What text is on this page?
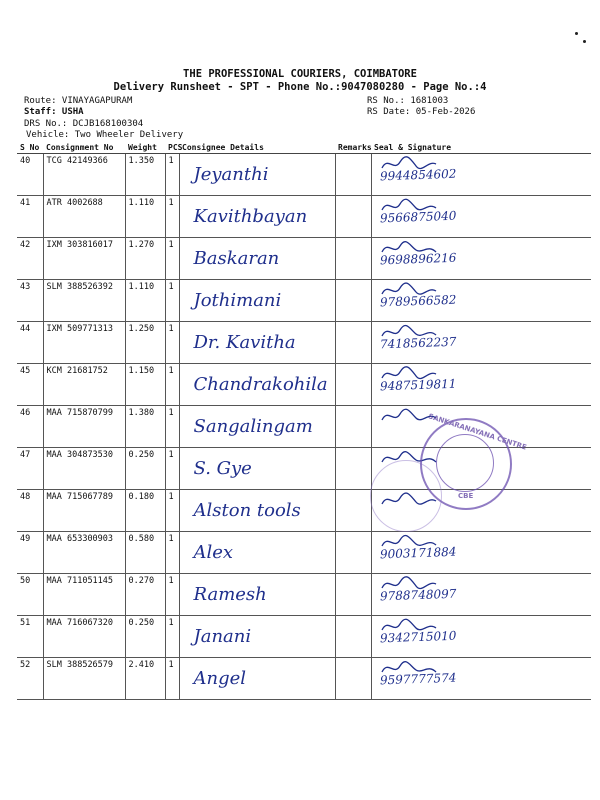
THE PROFESSIONAL COURIERS, COIMBATORE
Delivery Runsheet - SPT - Phone No.:9047080280 - Page No.:4
Route: VINAYAGAPURAM
Staff: USHA
DRS No.: DCJB168100304
Vehicle: Two Wheeler Delivery
RS No.: 1681003
RS Date: 05-Feb-2026
S No	Consignment No	Weight	PCS	Consignee Details	Remarks	Seal & Signature
40	TCG 42149366	1.350	1	Jeyanthi		9944854602

41	ATR 4002688	1.110	1	Kavithbayan		9566875040

42	IXM 303816017	1.270	1	Baskaran		9698896216

43	SLM 388526392	1.110	1	Jothimani		9789566582

44	IXM 509771313	1.250	1	Dr. Kavitha		7418562237

45	KCM 21681752	1.150	1	Chandrakohila		9487519811

46	MAA 715870799	1.380	1	Sangalingam

47	MAA 304873530	0.250	1	S. Gye

48	MAA 715067789	0.180	1	Alston tools

49	MAA 653300903	0.580	1	Alex		9003171884

50	MAA 711051145	0.270	1	Ramesh		9788748097

51	MAA 716067320	0.250	1	Janani		9342715010

52	SLM 388526579	2.410	1	Angel		9597777574
SANKARANAYANA CENTRE
CBE
